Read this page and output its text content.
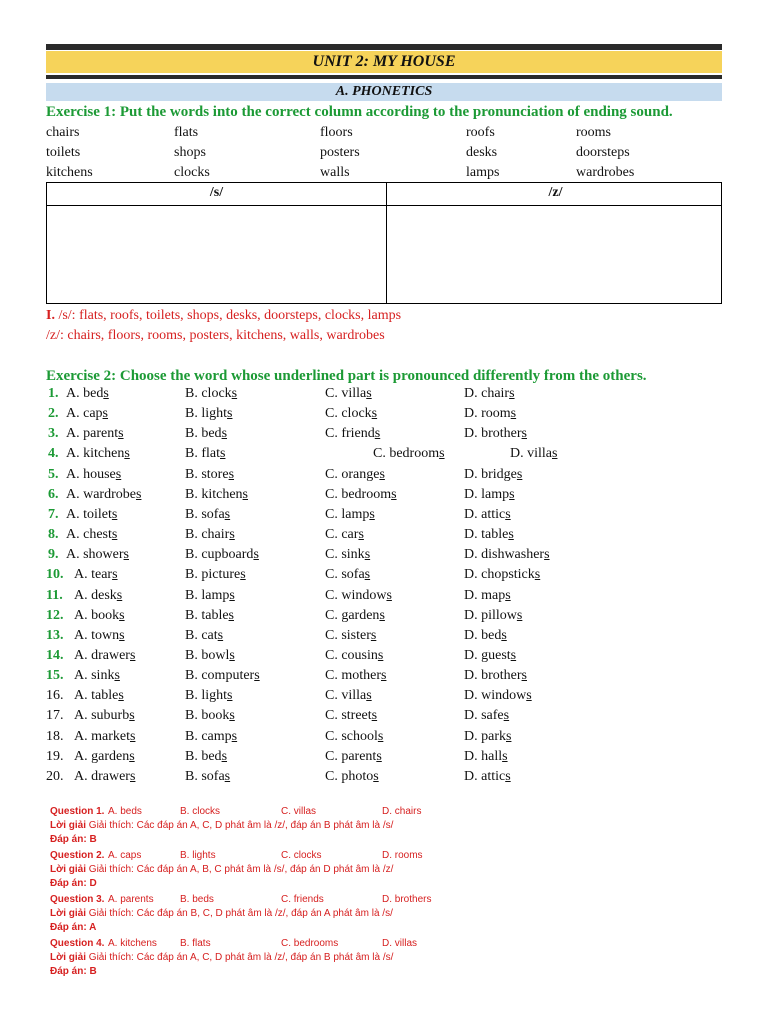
UNIT 2: MY HOUSE
A. PHONETICS
Exercise 1: Put the words into the correct column according to the pronunciation of ending sound.
chairs	flats	floors	roofs	rooms
toilets	shops	posters	desks	doorsteps
kitchens	clocks	walls	lamps	wardrobes
/s/	/z/
I. /s/: flats, roofs, toilets, shops, desks, doorsteps, clocks, lamps
/z/: chairs, floors, rooms, posters, kitchens, walls, wardrobes
Exercise 2: Choose the word whose underlined part is pronounced differently from the others.
1. A. beds	B. clocks	C. villas	D. chairs
2. A. caps	B. lights	C. clocks	D. rooms
3. A. parents	B. beds	C. friends	D. brothers
4. A. kitchens	B. flats	C. bedrooms	D. villas
5. A. houses	B. stores	C. oranges	D. bridges
6. A. wardrobes	B. kitchens	C. bedrooms	D. lamps
7. A. toilets	B. sofas	C. lamps	D. attics
8. A. chests	B. chairs	C. cars	D. tables
9. A. showers	B. cupboards	C. sinks	D. dishwashers
10. A. tears	B. pictures	C. sofas	D. chopsticks
11. A. desks	B. lamps	C. windows	D. maps
12. A. books	B. tables	C. gardens	D. pillows
13. A. towns	B. cats	C. sisters	D. beds
14. A. drawers	B. bowls	C. cousins	D. guests
15. A. sinks	B. computers	C. mothers	D. brothers
16. A. tables	B. lights	C. villas	D. windows
17. A. suburbs	B. books	C. streets	D. safes
18. A. markets	B. camps	C. schools	D. parks
19. A. gardens	B. beds	C. parents	D. halls
20. A. drawers	B. sofas	C. photos	D. attics
Question 1. A. beds	B. clocks	C. villas	D. chairs
Lời giải Giải thích: Các đáp án A, C, D phát âm là /z/, đáp án B phát âm là /s/
Đáp án: B
Question 2. A. caps	B. lights	C. clocks	D. rooms
Lời giải Giải thích: Các đáp án A, B, C phát âm là /s/, đáp án D phát âm là /z/
Đáp án: D
Question 3. A. parents	B. beds	C. friends	D. brothers
Lời giải Giải thích: Các đáp án B, C, D phát âm là /z/, đáp án A phát âm là /s/
Đáp án: A
Question 4. A. kitchens B. flats	C. bedrooms	D. villas
Lời giải Giải thích: Các đáp án A, C, D phát âm là /z/, đáp án B phát âm là /s/
Đáp án: B
